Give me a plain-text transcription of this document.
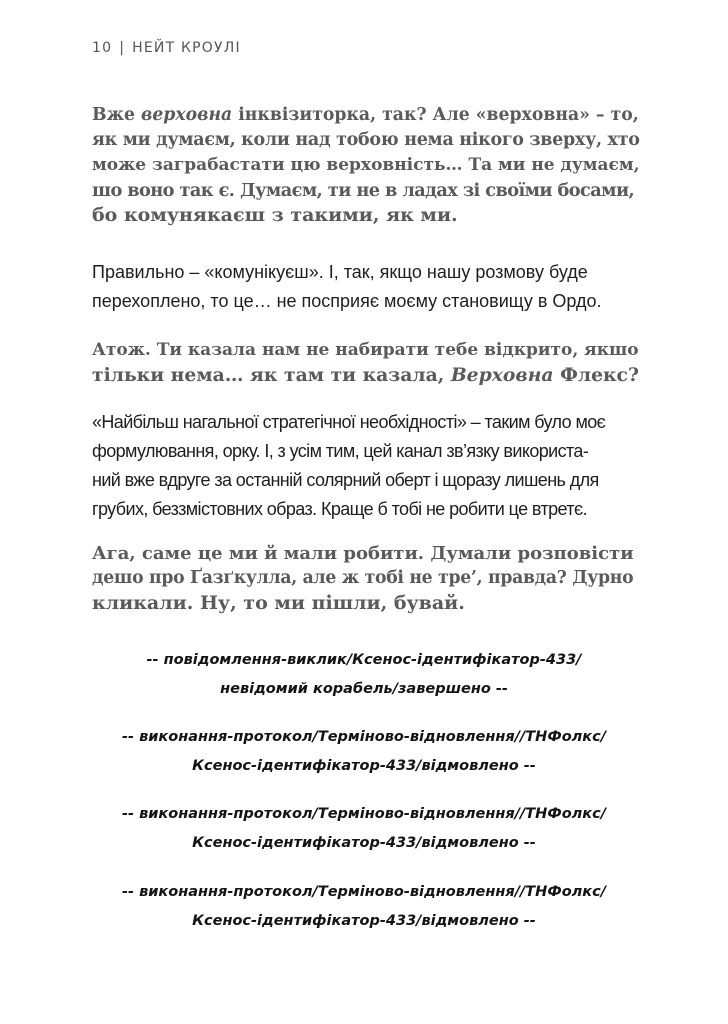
10 | НЕЙТ КРОУЛІ

Вже верховна інквізиторка, так? Але «верховна» – то,

як ми думаєм, коли над тобою нема нікого зверху, хто

може заграбастати цю верховність… Та ми не думаєм,

шо воно так є. Думаєм, ти не в ладах зі своїми босами,

бо комунякаєш з такими, як ми.

Правильно – «комунікуєш». І, так, якщо нашу розмову буде

перехоплено, то це… не посприяє моєму становищу в Ордо.

Атож. Ти казала нам не набирати тебе відкрито, якшо

тільки нема… як там ти казала, Верховна Флекс?

«Найбільш нагальної стратегічної необхідності» – таким було моє

формулювання, орку. І, з усім тим, цей канал зв’язку використа-

ний вже вдруге за останній солярний оберт і щоразу лишень для

грубих, беззмістовних образ. Краще б тобі не робити це втретє.

Ага, саме це ми й мали робити. Думали розповісти

дешо про Ґазґкулла, але ж тобі не тре’, правда? Дурно

кликали. Ну, то ми пішли, бувай.

-- повідомлення-виклик/Ксенос-ідентифікатор-433/

невідомий корабель/завершено --

-- виконання-протокол/Терміново-відновлення//ТНФолкс/

Ксенос-ідентифікатор-433/відмовлено --

-- виконання-протокол/Терміново-відновлення//ТНФолкс/

Ксенос-ідентифікатор-433/відмовлено --

-- виконання-протокол/Терміново-відновлення//ТНФолкс/

Ксенос-ідентифікатор-433/відмовлено --
